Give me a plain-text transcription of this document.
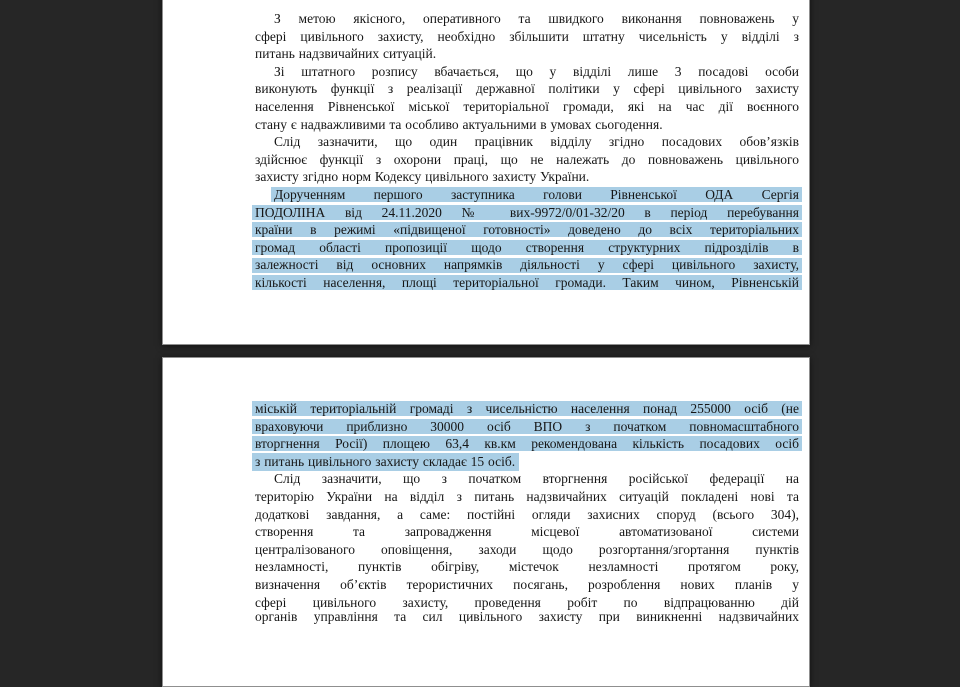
З метою якісного, оперативного та швидкого виконання повноважень у
сфері цивільного захисту, необхідно збільшити штатну чисельність у відділі з
питань надзвичайних ситуацій.
Зі штатного розпису вбачається, що у відділі лише 3 посадові особи
виконують функції з реалізації державної політики у сфері цивільного захисту
населення Рівненської міської територіальної громади, які на час дії воєнного
стану є надважливими та особливо актуальними в умовах сьогодення.
Слід зазначити, що один працівник відділу згідно посадових обов’язків
здійснює функції з охорони праці, що не належать до повноважень цивільного
захисту згідно норм Кодексу цивільного захисту України.
Дорученням першого заступника голови Рівненської ОДА Сергія
ПОДОЛІНА від 24.11.2020 № вих-9972/0/01-32/20 в період перебування
країни в режимі «підвищеної готовності» доведено до всіх територіальних
громад області пропозиції щодо створення структурних підрозділів в
залежності від основних напрямків діяльності у сфері цивільного захисту,
кількості населення, площі територіальної громади. Таким чином, Рівненській
міській територіальній громаді з чисельністю населення понад 255000 осіб (не
враховуючи приблизно 30000 осіб ВПО з початком повномасштабного
вторгнення Росії) площею 63,4 кв.км рекомендована кількість посадових осіб
з питань цивільного захисту складає 15 осіб.
Слід зазначити, що з початком вторгнення російської федерації на
територію України на відділ з питань надзвичайних ситуацій покладені нові та
додаткові завдання, а саме: постійні огляди захисних споруд (всього 304),
створення та запровадження місцевої автоматизованої системи
централізованого оповіщення, заходи щодо розгортання/згортання пунктів
незламності, пунктів обігріву, містечок незламності протягом року,
визначення об’єктів терористичних посягань, розроблення нових планів у
сфері цивільного захисту, проведення робіт по відпрацюванню дій
органів управління та сил цивільного захисту при виникненні надзвичайних
